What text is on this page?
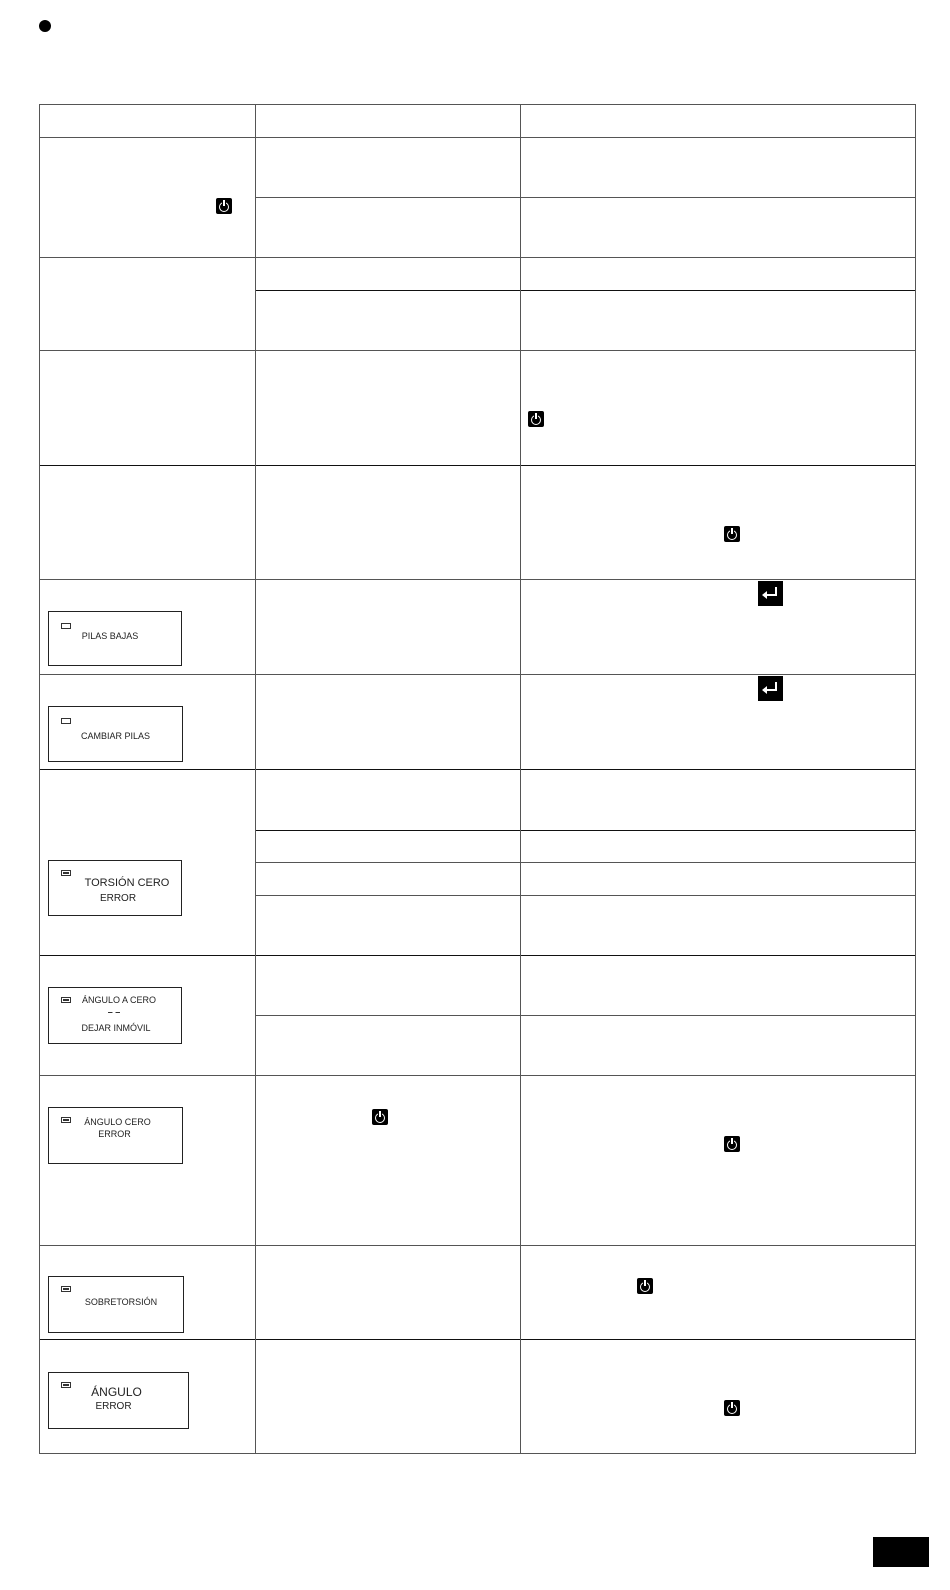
PILAS BAJAS
CAMBIAR PILAS
TORSIÓN CERO
ERROR
ÁNGULO A CERO
– –
DEJAR INMÓVIL
ÁNGULO CERO
ERROR
SOBRETORSIÓN
ÁNGULO
ERROR
